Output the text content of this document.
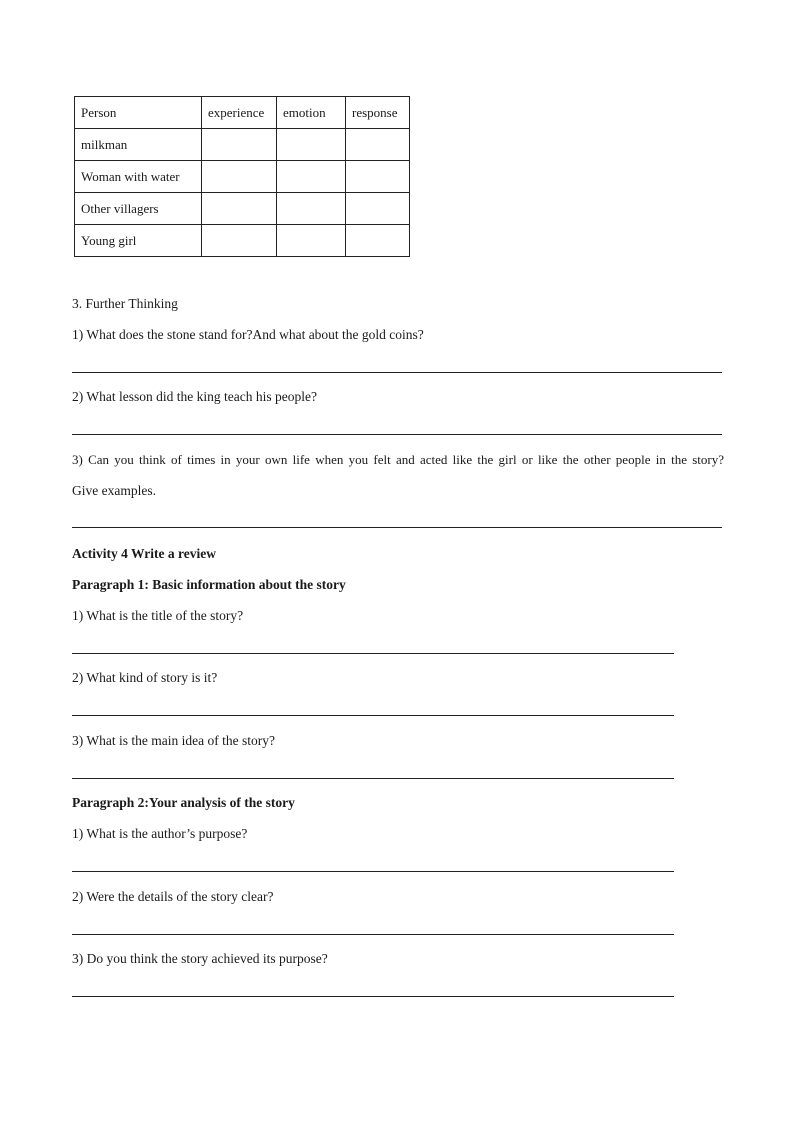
Person	experience	emotion	response
milkman			
Woman with water			
Other villagers			
Young girl			
3. Further Thinking
1) What does the stone stand for?And what about the gold coins?
2) What lesson did the king teach his people?
3) Can you think of times in your own life when you felt and acted like the girl or like the other people in the story?
Give examples.
Activity 4 Write a review
Paragraph 1: Basic information about the story
1) What is the title of the story?
2) What kind of story is it?
3) What is the main idea of the story?
Paragraph 2:Your analysis of the story
1) What is the author’s purpose?
2) Were the details of the story clear?
3) Do you think the story achieved its purpose?
